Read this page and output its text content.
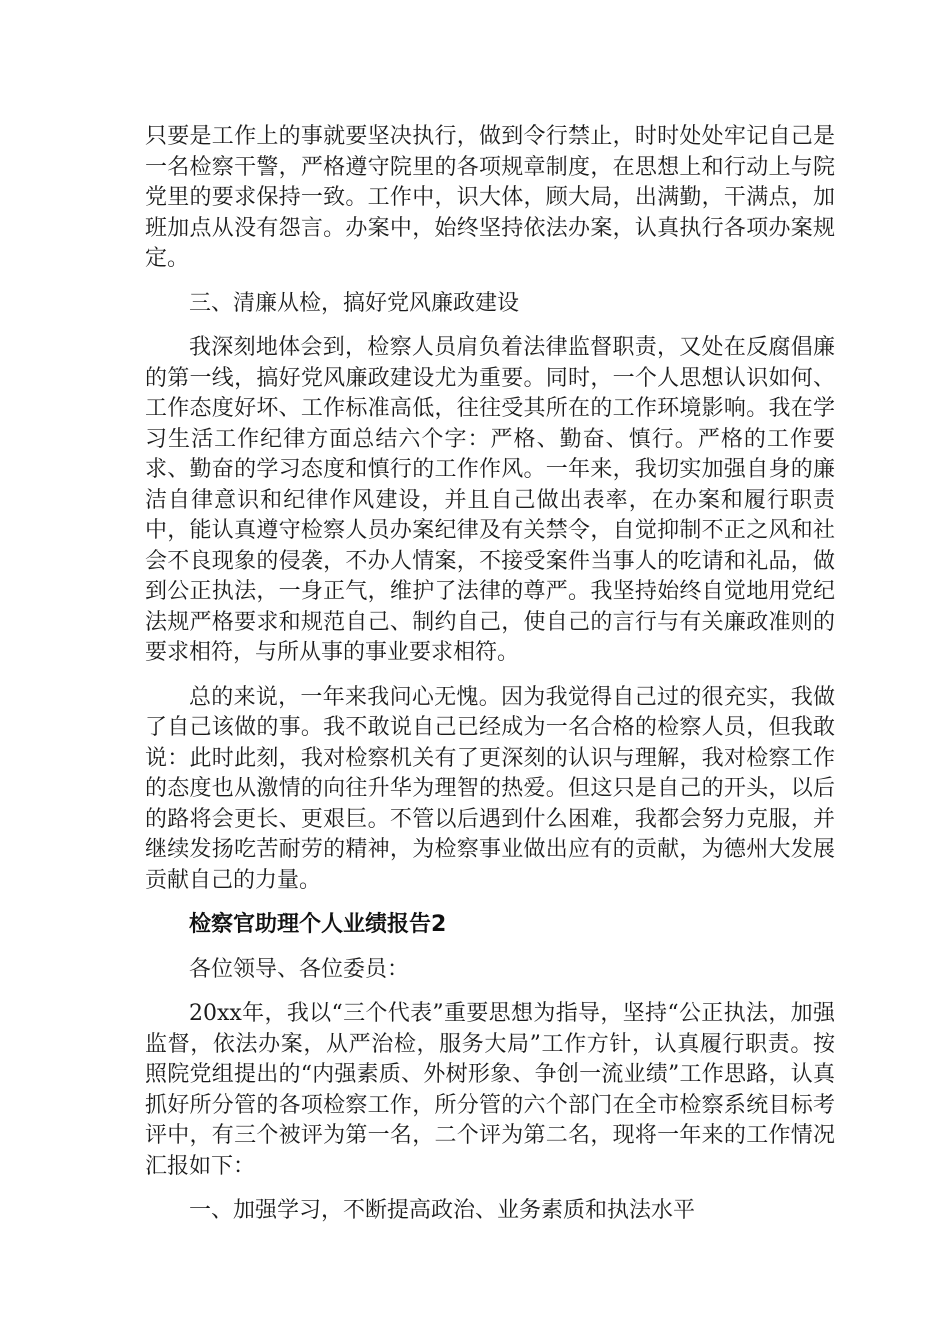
只要是工作上的事就要坚决执行，做到令行禁止，时时处处牢记自己是一名检察干警，严格遵守院里的各项规章制度，在思想上和行动上与院党里的要求保持一致。工作中，识大体，顾大局，出满勤，干满点，加班加点从没有怨言。办案中，始终坚持依法办案，认真执行各项办案规定。

三、清廉从检，搞好党风廉政建设

我深刻地体会到，检察人员肩负着法律监督职责，又处在反腐倡廉的第一线，搞好党风廉政建设尤为重要。同时，一个人思想认识如何、工作态度好坏、工作标准高低，往往受其所在的工作环境影响。我在学习生活工作纪律方面总结六个字：严格、勤奋、慎行。严格的工作要求、勤奋的学习态度和慎行的工作作风。一年来，我切实加强自身的廉洁自律意识和纪律作风建设，并且自己做出表率，在办案和履行职责中，能认真遵守检察人员办案纪律及有关禁令，自觉抑制不正之风和社会不良现象的侵袭，不办人情案，不接受案件当事人的吃请和礼品，做到公正执法，一身正气，维护了法律的尊严。我坚持始终自觉地用党纪法规严格要求和规范自己、制约自己，使自己的言行与有关廉政准则的要求相符，与所从事的事业要求相符。

总的来说，一年来我问心无愧。因为我觉得自己过的很充实，我做了自己该做的事。我不敢说自己已经成为一名合格的检察人员，但我敢说：此时此刻，我对检察机关有了更深刻的认识与理解，我对检察工作的态度也从激情的向往升华为理智的热爱。但这只是自己的开头，以后的路将会更长、更艰巨。不管以后遇到什么困难，我都会努力克服，并继续发扬吃苦耐劳的精神，为检察事业做出应有的贡献，为德州大发展贡献自己的力量。

检察官助理个人业绩报告2

各位领导、各位委员：

20xx年，我以“三个代表”重要思想为指导，坚持“公正执法，加强监督，依法办案，从严治检，服务大局”工作方针，认真履行职责。按照院党组提出的“内强素质、外树形象、争创一流业绩”工作思路，认真抓好所分管的各项检察工作，所分管的六个部门在全市检察系统目标考评中，有三个被评为第一名，二个评为第二名，现将一年来的工作情况汇报如下：

一、加强学习，不断提高政治、业务素质和执法水平
